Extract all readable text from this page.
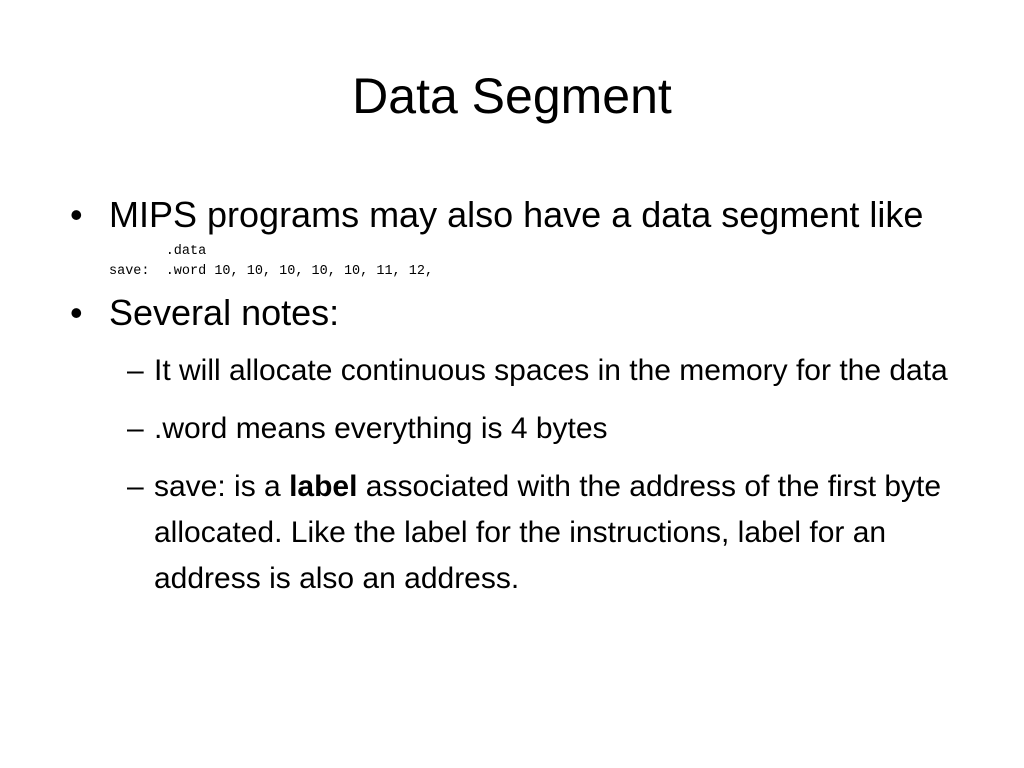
Data Segment
• MIPS programs may also have a data segment like
.data
save:  .word 10, 10, 10, 10, 10, 11, 12,
• Several notes:
– It will allocate continuous spaces in the memory for the data
– .word means everything is 4 bytes
– save: is a label associated with the address of the first byte allocated. Like the label for the instructions, label for an address is also an address.
